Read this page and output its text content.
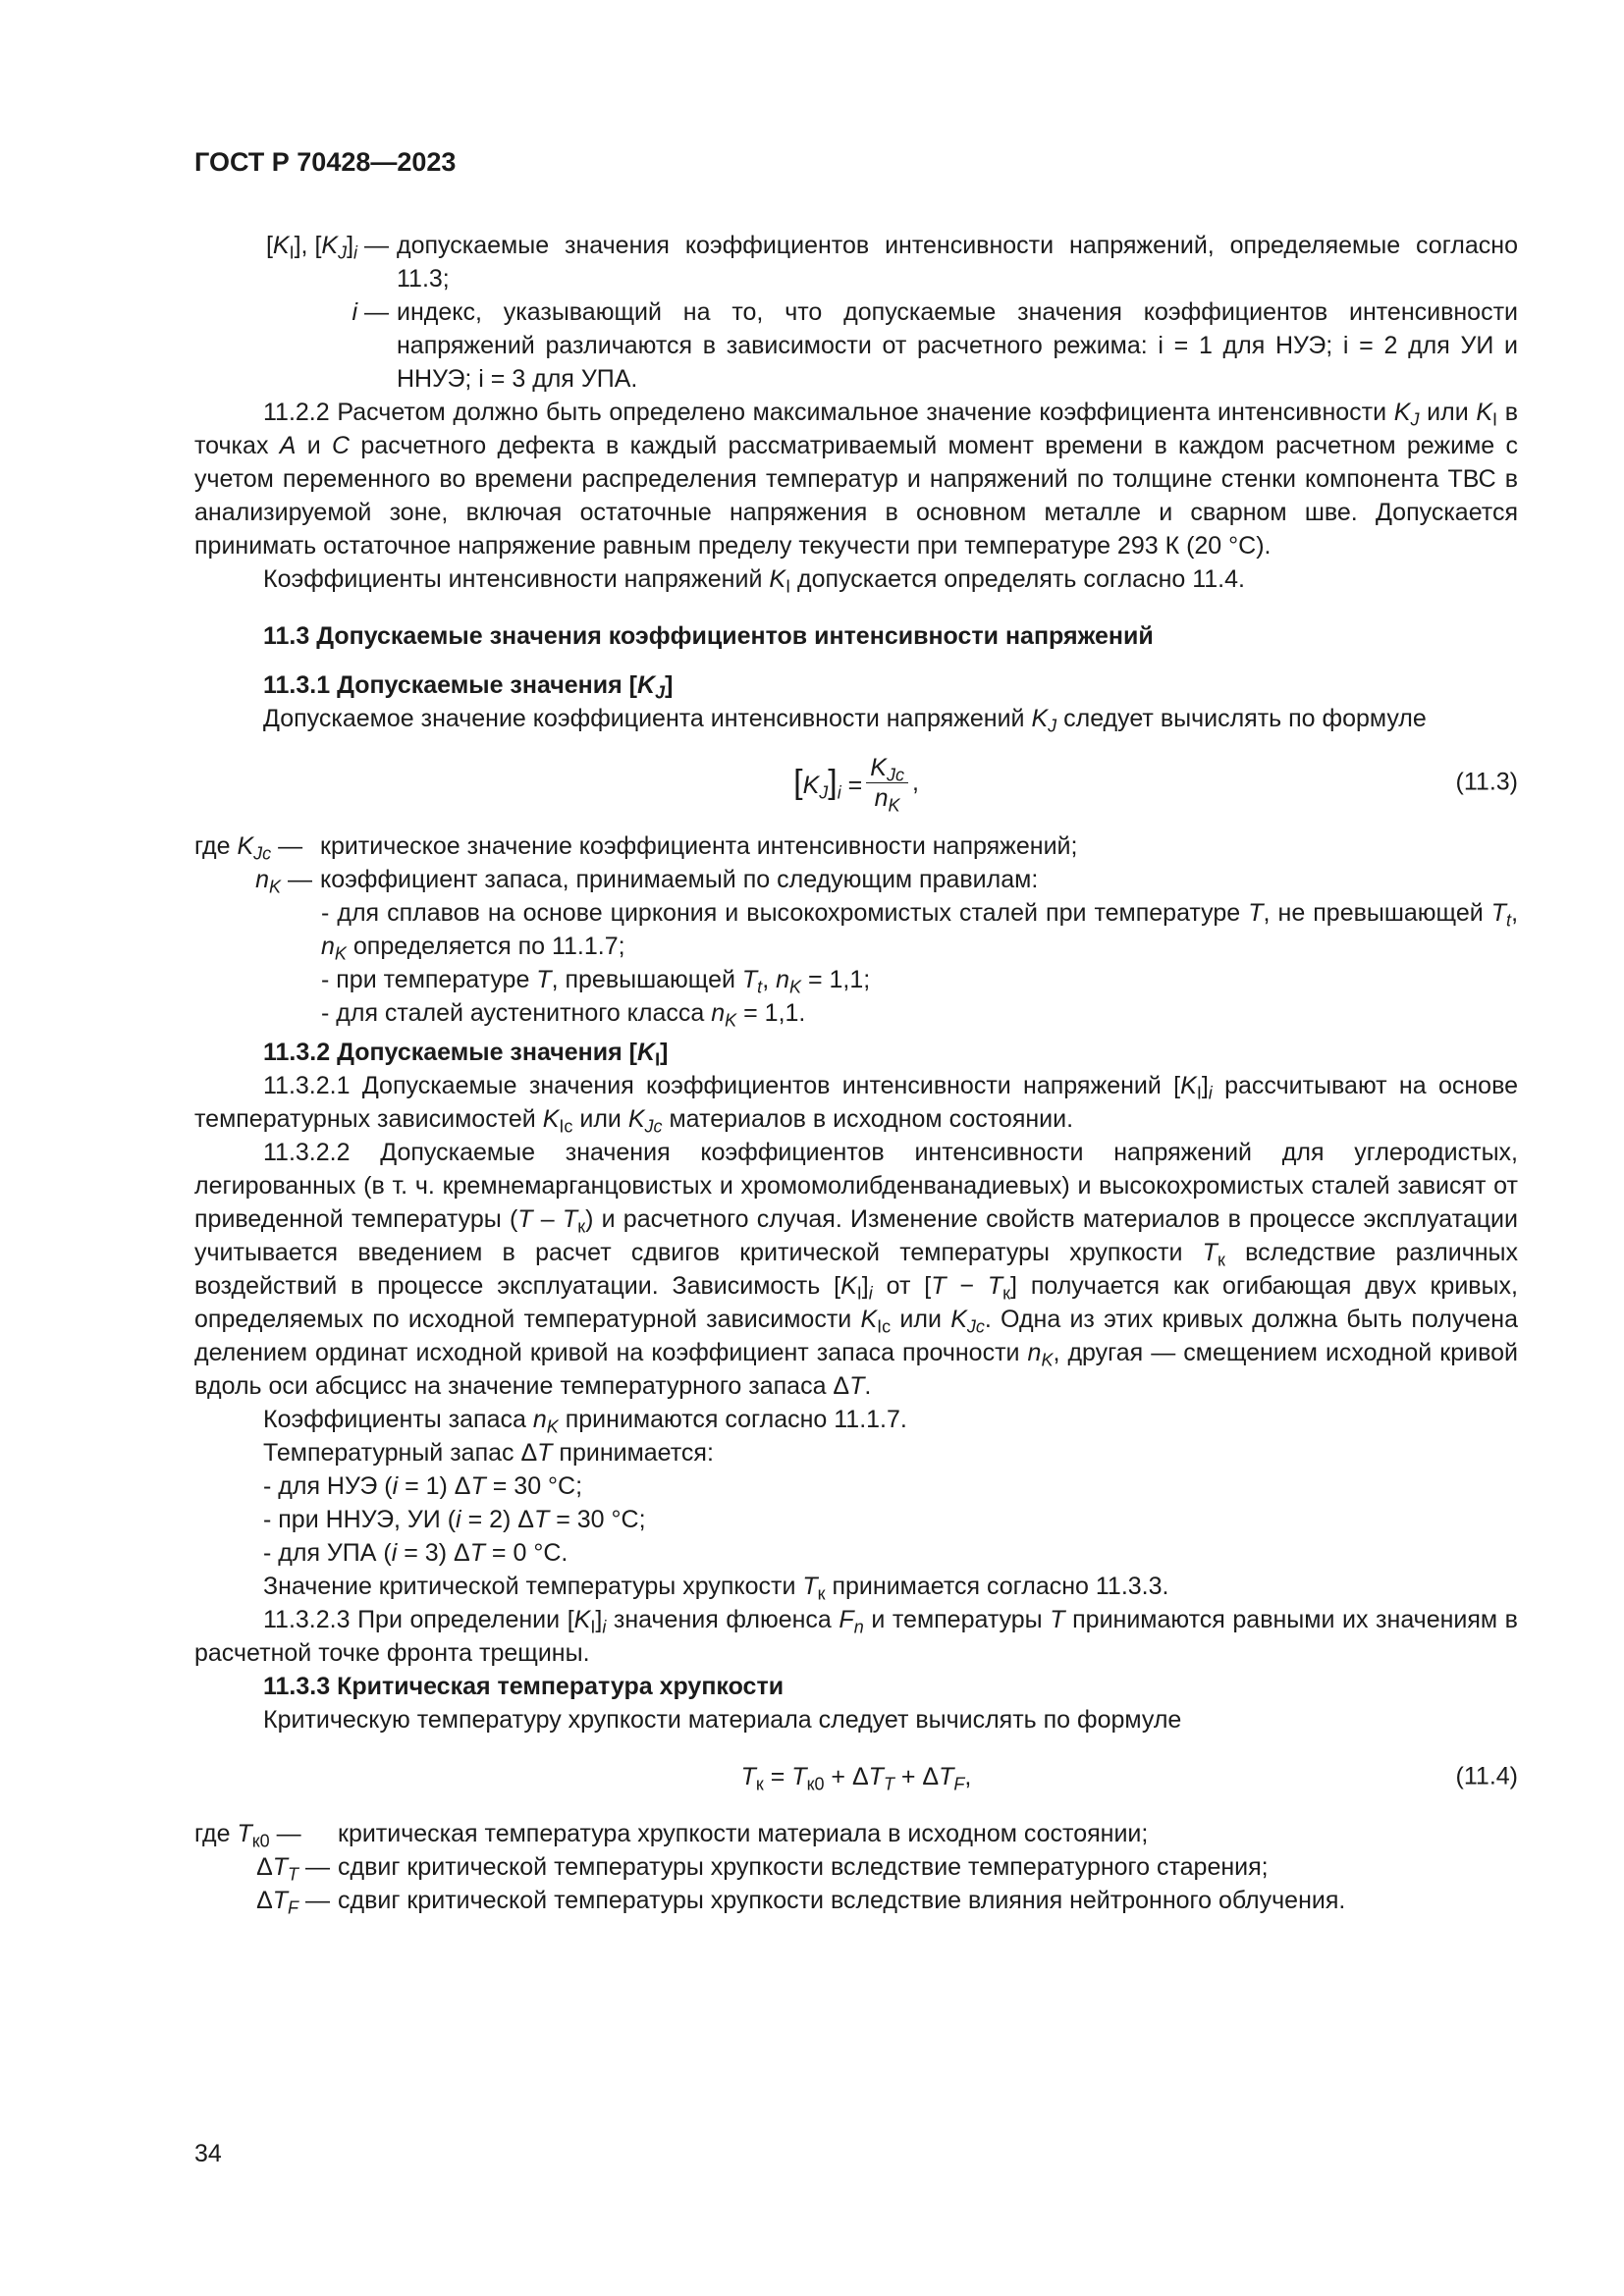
ГОСТ Р 70428—2023
$[K_I]$, $[K_J]_i$ — допускаемые значения коэффициентов интенсивности напряжений, определяемые согласно 11.3;
i — индекс, указывающий на то, что допускаемые значения коэффициентов интенсивности напряжений различаются в зависимости от расчетного режима: i = 1 для НУЭ; i = 2 для УИ и ННУЭ; i = 3 для УПА.

11.2.2 Расчетом должно быть определено максимальное значение коэффициента интенсивности $K_J$ или $K_I$ в точках A и C расчетного дефекта в каждый рассматриваемый момент времени в каждом расчетном режиме с учетом переменного во времени распределения температур и напряжений по толщине стенки компонента ТВС в анализируемой зоне, включая остаточные напряжения в основном металле и сварном шве. Допускается принимать остаточное напряжение равным пределу текучести при температуре 293 К (20 °С).

Коэффициенты интенсивности напряжений $K_I$ допускается определять согласно 11.4.

11.3 Допускаемые значения коэффициентов интенсивности напряжений

11.3.1 Допускаемые значения $[K_J]$

Допускаемое значение коэффициента интенсивности напряжений $K_J$ следует вычислять по формуле

$[K_J]_i = \frac{K_{Jc}}{n_K}$ ,	(11.3)
где $K_{Jc}$ — критическое значение коэффициента интенсивности напряжений;
$n_K$ — коэффициент запаса, принимаемый по следующим правилам:

- для сплавов на основе циркония и высокохромистых сталей при температуре T, не превышающей $T_t$, $n_K$ определяется по 11.1.7;

- при температуре T, превышающей $T_t$, $n_K = 1,1$;

- для сталей аустенитного класса $n_K = 1,1$.

11.3.2 Допускаемые значения $[K_I]$

11.3.2.1 Допускаемые значения коэффициентов интенсивности напряжений $[K_I]_i$ рассчитывают на основе температурных зависимостей $K_{Ic}$ или $K_{Jc}$ материалов в исходном состоянии.

11.3.2.2 Допускаемые значения коэффициентов интенсивности напряжений для углеродистых, легированных (в т. ч. кремнемарганцовистых и хромомолибденванадиевых) и высокохромистых сталей зависят от приведенной температуры $(T - T_к)$ и расчетного случая. Изменение свойств материалов в процессе эксплуатации учитывается введением в расчет сдвигов критической температуры хрупкости $T_к$ вследствие различных воздействий в процессе эксплуатации. Зависимость $[K_I]_i$ от $[T - T_к]$ получается как огибающая двух кривых, определяемых по исходной температурной зависимости $K_{Ic}$ или $K_{Jc}$. Одна из этих кривых должна быть получена делением ординат исходной кривой на коэффициент запаса прочности $n_K$, другая — смещением исходной кривой вдоль оси абсцисс на значение температурного запаса ΔT.

Коэффициенты запаса $n_K$ принимаются согласно 11.1.7.

Температурный запас ΔT принимается:

- для НУЭ (i = 1) ΔT = 30 °С;

- при ННУЭ, УИ (i = 2) ΔT = 30 °С;

- для УПА (i = 3) ΔT = 0 °С.

Значение критической температуры хрупкости $T_к$ принимается согласно 11.3.3.

11.3.2.3 При определении $[K_I]_i$ значения флюенса $F_n$ и температуры T принимаются равными их значениям в расчетной точке фронта трещины.

11.3.3 Критическая температура хрупкости

Критическую температуру хрупкости материала следует вычислять по формуле

$T_к = T_{к0} + \Delta T_T + \Delta T_F$,	(11.4)
где $T_{к0}$ —	критическая температура хрупкости материала в исходном состоянии;
$\Delta T_T$ — сдвиг критической температуры хрупкости вследствие температурного старения;
$\Delta T_F$ — сдвиг критической температуры хрупкости вследствие влияния нейтронного облучения.
34
